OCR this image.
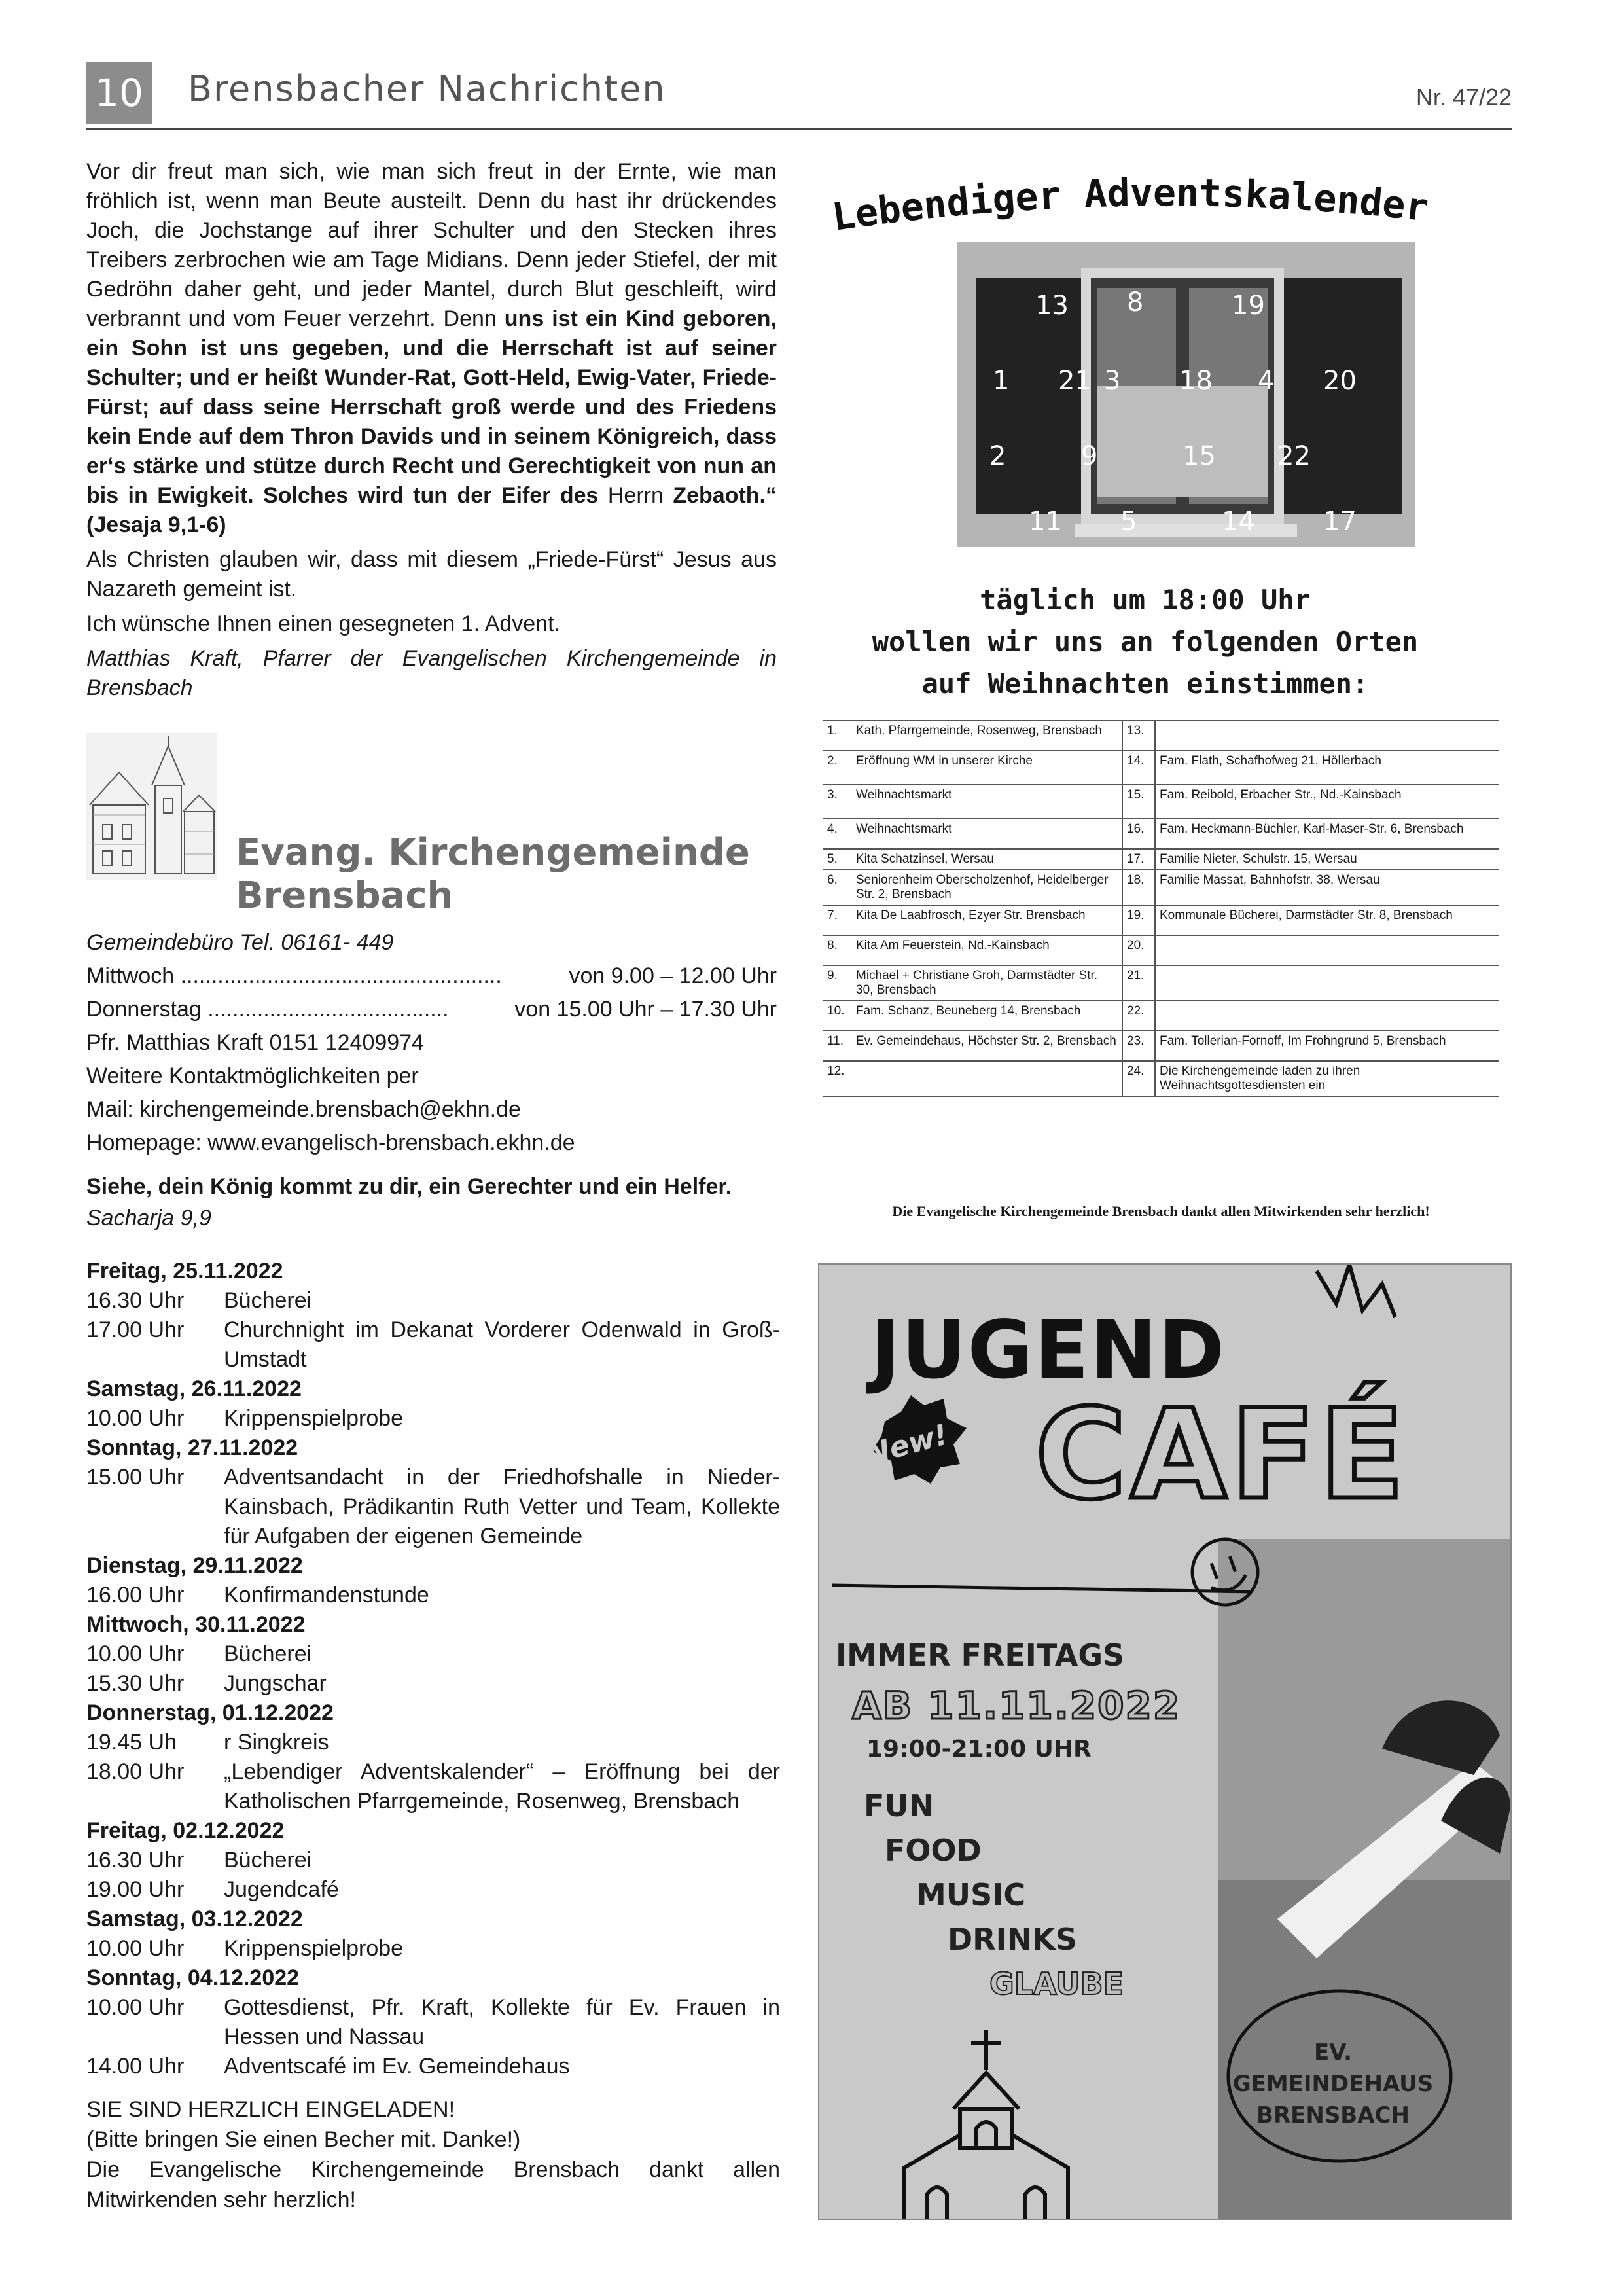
10 Brensbacher Nachrichten	Nr. 47/22

Vor dir freut man sich, wie man sich freut in der Ernte, wie man fröhlich ist, wenn man Beute austeilt. Denn du hast ihr drückendes Joch, die Jochstange auf ihrer Schulter und den Stecken ihres Treibers zerbrochen wie am Tage Midians. Denn jeder Stiefel, der mit Gedröhn daher geht, und jeder Mantel, durch Blut geschleift, wird verbrannt und vom Feuer verzehrt. Denn uns ist ein Kind geboren, ein Sohn ist uns gegeben, und die Herrschaft ist auf seiner Schulter; und er heißt Wunder-Rat, Gott-Held, Ewig-Vater, Friede-Fürst; auf dass seine Herrschaft groß werde und des Friedens kein Ende auf dem Thron Davids und in seinem Königreich, dass er‘s stärke und stütze durch Recht und Gerechtigkeit von nun an bis in Ewigkeit. Solches wird tun der Eifer des Herrn Zebaoth.“ (Jesaja 9,1-6)

Als Christen glauben wir, dass mit diesem „Friede-Fürst“ Jesus aus Nazareth gemeint ist.

Ich wünsche Ihnen einen gesegneten 1. Advent.

Matthias Kraft, Pfarrer der Evangelischen Kirchengemeinde in Brensbach

Evang. Kirchengemeinde
Brensbach
Gemeindebüro Tel. 06161- 449
Mittwoch ....................................................	von 9.00 – 12.00 Uhr
Donnerstag .......................................	von 15.00 Uhr – 17.30 Uhr
Pfr. Matthias Kraft 0151 12409974
Weitere Kontaktmöglichkeiten per
Mail: kirchengemeinde.brensbach@ekhn.de
Homepage: www.evangelisch-brensbach.ekhn.de
Siehe, dein König kommt zu dir, ein Gerechter und ein Helfer.
Sacharja 9,9
Freitag, 25.11.2022
16.30 Uhr	Bücherei
17.00 Uhr	Churchnight im Dekanat Vorderer Odenwald in Groß-Umstadt
Samstag, 26.11.2022
10.00 Uhr	Krippenspielprobe
Sonntag, 27.11.2022
15.00 Uhr	Adventsandacht in der Friedhofshalle in Nieder-Kainsbach, Prädikantin Ruth Vetter und Team, Kollekte für Aufgaben der eigenen Gemeinde
Dienstag, 29.11.2022
16.00 Uhr	Konfirmandenstunde
Mittwoch, 30.11.2022
10.00 Uhr	Bücherei
15.30 Uhr	Jungschar
Donnerstag, 01.12.2022
19.45 Uh	r Singkreis
18.00 Uhr	„Lebendiger Adventskalender“ – Eröffnung bei der Katholischen Pfarrgemeinde, Rosenweg, Brensbach
Freitag, 02.12.2022
16.30 Uhr	Bücherei
19.00 Uhr	Jugendcafé
Samstag, 03.12.2022
10.00 Uhr	Krippenspielprobe
Sonntag, 04.12.2022
10.00 Uhr	Gottesdienst, Pfr. Kraft, Kollekte für Ev. Frauen in Hessen und Nassau
14.00 Uhr	Adventscafé im Ev. Gemeindehaus
SIE SIND HERZLICH EINGELADEN!
(Bitte bringen Sie einen Becher mit. Danke!)
Die Evangelische Kirchengemeinde Brensbach dankt allen Mitwirkenden sehr herzlich!
Lebendiger Adventskalender
13 8	19
1 21 3 18 4 20
2	9	15 22
11 5	14	17
täglich um 18:00 Uhr
wollen wir uns an folgenden Orten
auf Weihnachten einstimmen:
1.	Kath. Pfarrgemeinde, Rosenweg, Brensbach	13.	
2.	Eröffnung WM in unserer Kirche	14.	Fam. Flath, Schafhofweg 21, Höllerbach
3.	Weihnachtsmarkt	15.	Fam. Reibold, Erbacher Str., Nd.-Kainsbach
4.	Weihnachtsmarkt	16.	Fam. Heckmann-Büchler, Karl-Maser-Str. 6, Brensbach
5.	Kita Schatzinsel, Wersau	17.	Familie Nieter, Schulstr. 15, Wersau
6.	Seniorenheim Oberscholzenhof, Heidelberger Str. 2, Brensbach	18.	Familie Massat, Bahnhofstr. 38, Wersau
7.	Kita De Laabfrosch, Ezyer Str. Brensbach	19.	Kommunale Bücherei, Darmstädter Str. 8, Brensbach
8.	Kita Am Feuerstein, Nd.-Kainsbach	20.	
9.	Michael + Christiane Groh, Darmstädter Str. 30, Brensbach	21.	
10.	Fam. Schanz, Beuneberg 14, Brensbach	22.	
11.	Ev. Gemeindehaus, Höchster Str. 2, Brensbach	23.	Fam. Tollerian-Fornoff, Im Frohngrund 5, Brensbach
12.		24.	Die Kirchengemeinde laden zu ihren Weihnachtsgottesdiensten ein
Die Evangelische Kirchengemeinde Brensbach dankt allen Mitwirkenden sehr herzlich!
JUGEND
CAFÉ
New!
IMMER FREITAGS
AB 11.11.2022
19:00-21:00 UHR
FUN
FOOD
MUSIC
DRINKS
GLAUBE
EV.
GEMEINDEHAUS
BRENSBACH
